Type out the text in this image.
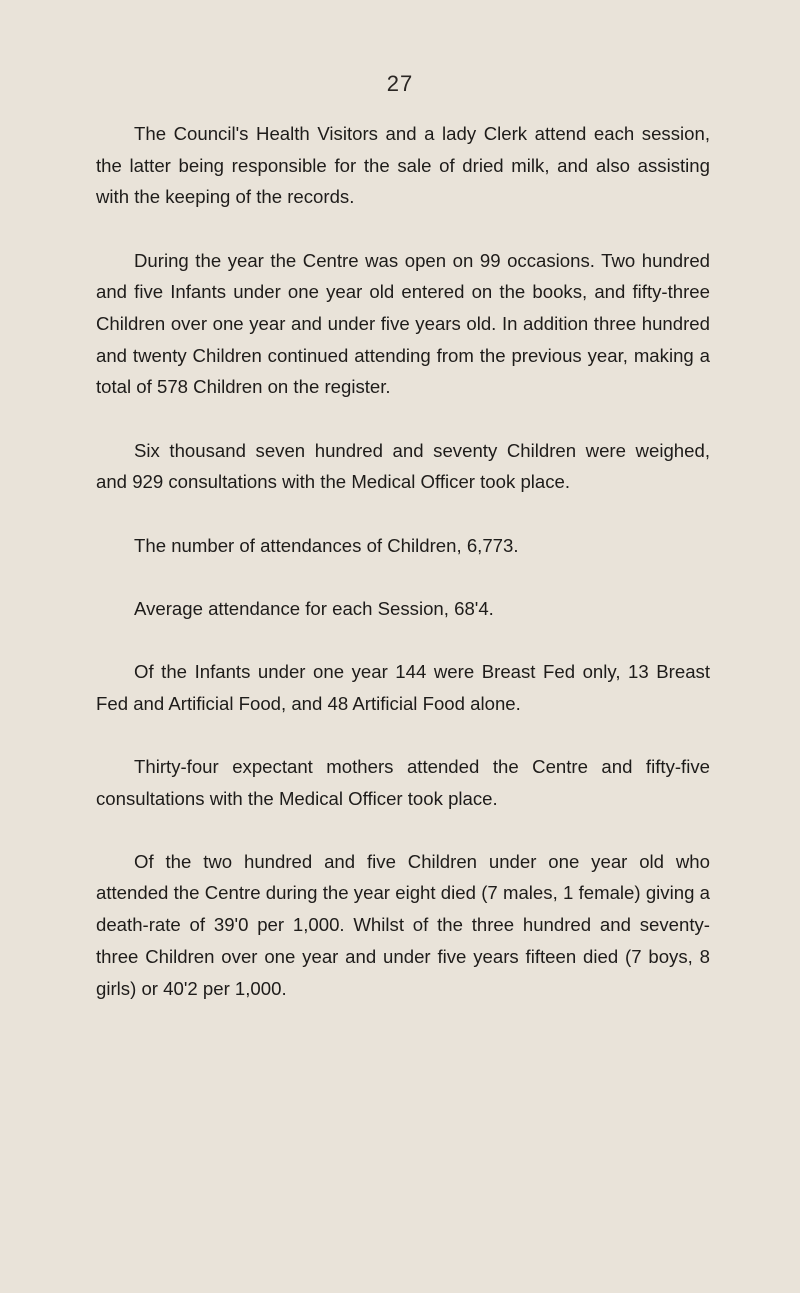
27

The Council's Health Visitors and a lady Clerk attend each session, the latter being responsible for the sale of dried milk, and also assisting with the keeping of the records.

During the year the Centre was open on 99 occasions. Two hundred and five Infants under one year old entered on the books, and fifty-three Children over one year and under five years old. In addition three hundred and twenty Children continued attending from the previous year, making a total of 578 Children on the register.

Six thousand seven hundred and seventy Children were weighed, and 929 consultations with the Medical Officer took place.

The number of attendances of Children, 6,773.

Average attendance for each Session, 68'4.

Of the Infants under one year 144 were Breast Fed only, 13 Breast Fed and Artificial Food, and 48 Artificial Food alone.

Thirty-four expectant mothers attended the Centre and fifty-five consultations with the Medical Officer took place.

Of the two hundred and five Children under one year old who attended the Centre during the year eight died (7 males, 1 female) giving a death-rate of 39'0 per 1,000. Whilst of the three hundred and seventy-three Children over one year and under five years fifteen died (7 boys, 8 girls) or 40'2 per 1,000.
